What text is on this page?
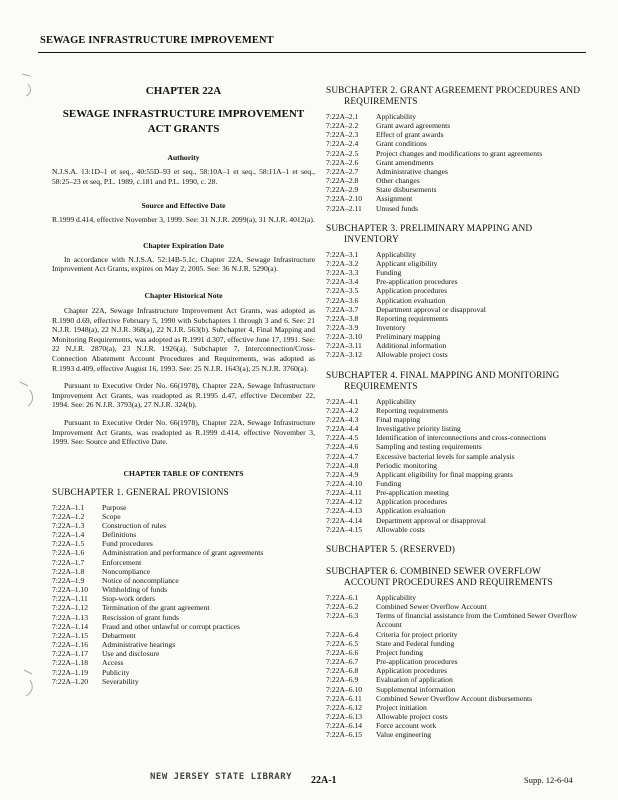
SEWAGE INFRASTRUCTURE IMPROVEMENT
CHAPTER 22A
SEWAGE INFRASTRUCTURE IMPROVEMENT ACT GRANTS
Authority
N.J.S.A. 13:1D–1 et seq., 40:55D–93 et seq., 58:10A–1 et seq., 58:11A–1 et seq., 58:25–23 et seq, P.L. 1989, c.181 and P.L. 1990, c. 28.
Source and Effective Date
R.1999 d.414, effective November 3, 1999. See: 31 N.J.R. 2099(a), 31 N.J.R. 4012(a).
Chapter Expiration Date
In accordance with N.J.S.A. 52:14B-5.1c, Chapter 22A, Sewage Infrastructure Improvement Act Grants, expires on May 2, 2005. See: 36 N.J.R. 5290(a).
Chapter Historical Note
Chapter 22A, Sewage Infrastructure Improvement Act Grants, was adopted as R.1990 d.69, effective February 5, 1990 with Subchapters 1 through 3 and 6. See: 21 N.J.R. 1948(a), 22 N.J.R. 368(a), 22 N.J.R. 563(b). Subchapter 4, Final Mapping and Monitoring Requirements, was adopted as R.1991 d.307, effective June 17, 1991. See: 22 N.J.R. 2870(a), 23 N.J.R. 1926(a). Subchapter 7, Interconnection/Cross-Connection Abatement Account Procedures and Requirements, was adopted as R.1993 d.409, effective August 16, 1993. See: 25 N.J.R. 1643(a), 25 N.J.R. 3760(a).
Pursuant to Executive Order No. 66(1978), Chapter 22A, Sewage Infrastructure Improvement Act Grants, was readopted as R.1995 d.47, effective December 22, 1994. See: 26 N.J.R. 3793(a), 27 N.J.R. 324(b).
Pursuant to Executive Order No. 66(1978), Chapter 22A, Sewage Infrastructure Improvement Act Grants, was readopted as R.1999 d.414, effective November 3, 1999. See: Source and Effective Date.
CHAPTER TABLE OF CONTENTS
SUBCHAPTER 1. GENERAL PROVISIONS
7:22A–1.1	Purpose
7:22A–1.2	Scope
7:22A–1.3	Construction of rules
7:22A–1.4	Definitions
7:22A–1.5	Fund procedures
7:22A–1.6	Administration and performance of grant agreements
7:22A–1.7	Enforcement
7:22A–1.8	Noncompliance
7:22A–1.9	Notice of noncompliance
7:22A–1.10	Withholding of funds
7:22A–1.11	Stop-work orders
7:22A–1.12	Termination of the grant agreement
7:22A–1.13	Rescission of grant funds
7:22A–1.14	Fraud and other unlawful or corrupt practices
7:22A–1.15	Debarment
7:22A–1.16	Administrative hearings
7:22A–1.17	Use and disclosure
7:22A–1.18	Access
7:22A–1.19	Publicity
7:22A–1.20	Severability
SUBCHAPTER 2. GRANT AGREEMENT PROCEDURES AND REQUIREMENTS
7:22A–2.1	Applicability
7:22A–2.2	Grant award agreements
7:22A–2.3	Effect of grant awards
7:22A–2.4	Grant conditions
7:22A–2.5	Project changes and modifications to grant agreements
7:22A–2.6	Grant amendments
7:22A–2.7	Administrative changes
7:22A–2.8	Other changes
7:22A–2.9	State disbursements
7:22A–2.10	Assignment
7:22A–2.11	Unused funds
SUBCHAPTER 3. PRELIMINARY MAPPING AND INVENTORY
7:22A–3.1	Applicability
7:22A–3.2	Applicant eligibility
7:22A–3.3	Funding
7:22A–3.4	Pre-application procedures
7:22A–3.5	Application procedures
7:22A–3.6	Application evaluation
7:22A–3.7	Department approval or disapproval
7:22A–3.8	Reporting requirements
7:22A–3.9	Inventory
7:22A–3.10	Preliminary mapping
7:22A–3.11	Additional information
7:22A–3.12	Allowable project costs
SUBCHAPTER 4. FINAL MAPPING AND MONITORING REQUIREMENTS
7:22A–4.1	Applicability
7:22A–4.2	Reporting requirements
7:22A–4.3	Final mapping
7:22A–4.4	Investigative priority listing
7:22A–4.5	Identification of interconnections and cross-connections
7:22A–4.6	Sampling and testing requirements
7:22A–4.7	Excessive bacterial levels for sample analysis
7:22A–4.8	Periodic monitoring
7:22A–4.9	Applicant eligibility for final mapping grants
7:22A–4.10	Funding
7:22A–4.11	Pre-application meeting
7:22A–4.12	Application procedures
7:22A–4.13	Application evaluation
7:22A–4.14	Department approval or disapproval
7:22A–4.15	Allowable costs
SUBCHAPTER 5. (RESERVED)
SUBCHAPTER 6. COMBINED SEWER OVERFLOW ACCOUNT PROCEDURES AND REQUIREMENTS
7:22A–6.1	Applicability
7:22A–6.2	Combined Sewer Overflow Account
7:22A–6.3	Terms of financial assistance from the Combined Sewer Overflow Account
7:22A–6.4	Criteria for project priority
7:22A–6.5	State and Federal funding
7:22A–6.6	Project funding
7:22A–6.7	Pre-application procedures
7:22A–6.8	Application procedures
7:22A–6.9	Evaluation of application
7:22A–6.10	Supplemental information
7:22A–6.11	Combined Sewer Overflow Account disbursements
7:22A–6.12	Project initiation
7:22A–6.13	Allowable project costs
7:22A–6.14	Force account work
7:22A–6.15	Value engineering
NEW JERSEY STATE LIBRARY 22A-1	Supp. 12-6-04
